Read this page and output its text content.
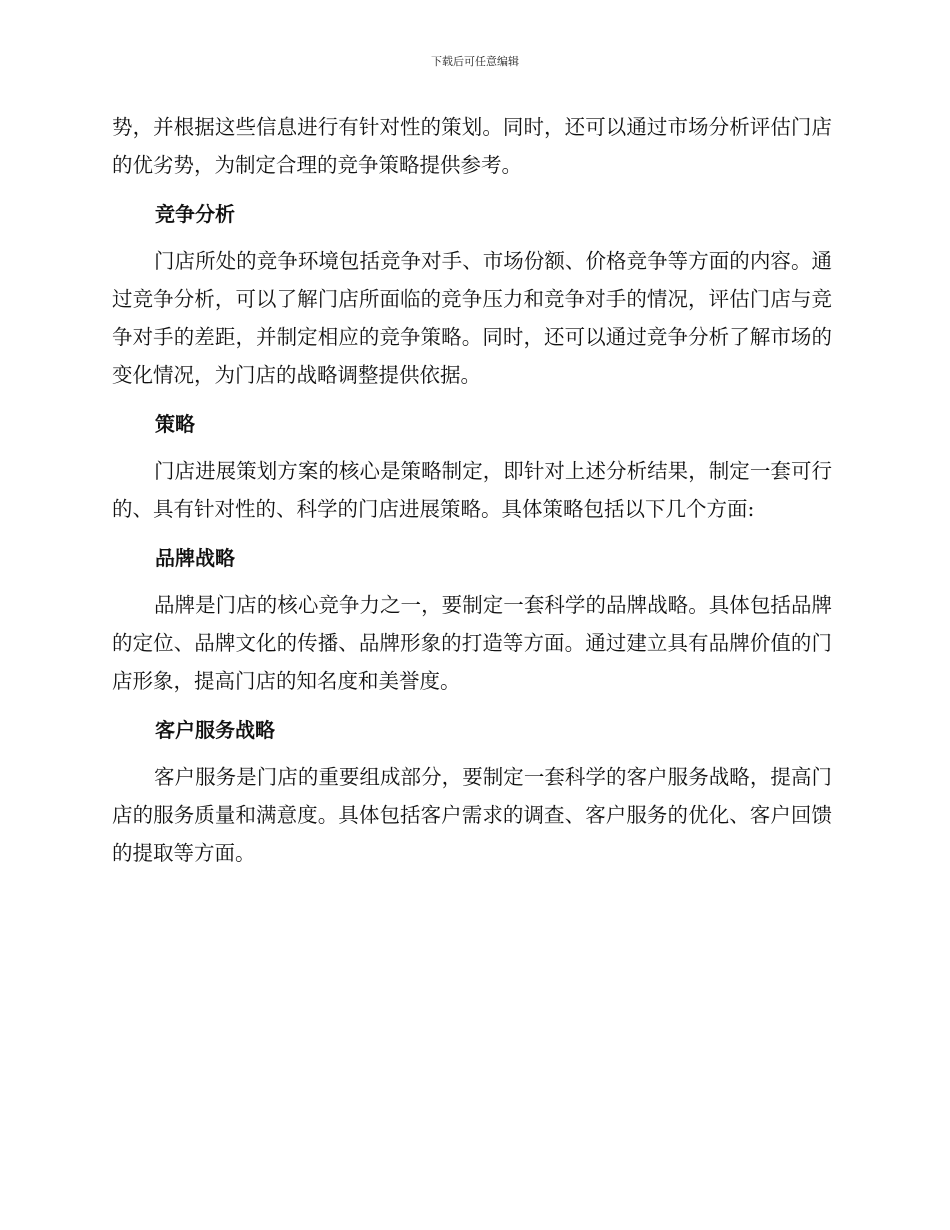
下载后可任意编辑

势，并根据这些信息进行有针对性的策划。同时，还可以通过市场分析评估门店的优劣势，为制定合理的竞争策略提供参考。

竞争分析

门店所处的竞争环境包括竞争对手、市场份额、价格竞争等方面的内容。通过竞争分析，可以了解门店所面临的竞争压力和竞争对手的情况，评估门店与竞争对手的差距，并制定相应的竞争策略。同时，还可以通过竞争分析了解市场的变化情况，为门店的战略调整提供依据。

策略

门店进展策划方案的核心是策略制定，即针对上述分析结果，制定一套可行的、具有针对性的、科学的门店进展策略。具体策略包括以下几个方面:

品牌战略

品牌是门店的核心竞争力之一，要制定一套科学的品牌战略。具体包括品牌的定位、品牌文化的传播、品牌形象的打造等方面。通过建立具有品牌价值的门店形象，提高门店的知名度和美誉度。

客户服务战略

客户服务是门店的重要组成部分，要制定一套科学的客户服务战略，提高门店的服务质量和满意度。具体包括客户需求的调查、客户服务的优化、客户回馈的提取等方面。
